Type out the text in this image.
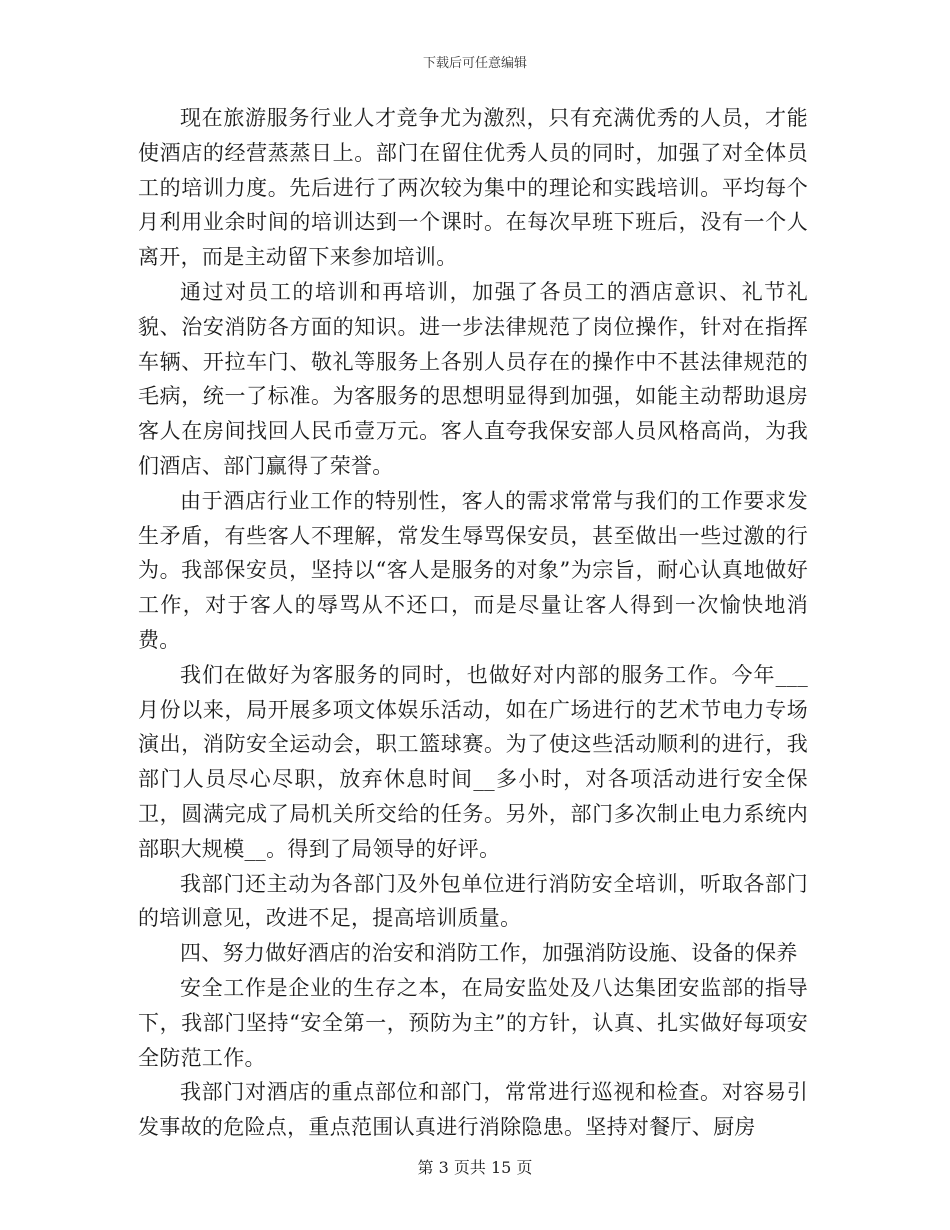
下载后可任意编辑

现在旅游服务行业人才竞争尤为激烈，只有充满优秀的人员，才能使酒店的经营蒸蒸日上。部门在留住优秀人员的同时，加强了对全体员工的培训力度。先后进行了两次较为集中的理论和实践培训。平均每个月利用业余时间的培训达到一个课时。在每次早班下班后，没有一个人离开，而是主动留下来参加培训。

通过对员工的培训和再培训，加强了各员工的酒店意识、礼节礼貌、治安消防各方面的知识。进一步法律规范了岗位操作，针对在指挥车辆、开拉车门、敬礼等服务上各别人员存在的操作中不甚法律规范的毛病，统一了标准。为客服务的思想明显得到加强，如能主动帮助退房客人在房间找回人民币壹万元。客人直夸我保安部人员风格高尚，为我们酒店、部门赢得了荣誉。

由于酒店行业工作的特别性，客人的需求常常与我们的工作要求发生矛盾，有些客人不理解，常发生辱骂保安员，甚至做出一些过激的行为。我部保安员，坚持以“客人是服务的对象”为宗旨，耐心认真地做好工作，对于客人的辱骂从不还口，而是尽量让客人得到一次愉快地消费。

我们在做好为客服务的同时，也做好对内部的服务工作。今年___月份以来，局开展多项文体娱乐活动，如在广场进行的艺术节电力专场演出，消防安全运动会，职工篮球赛。为了使这些活动顺利的进行，我部门人员尽心尽职，放弃休息时间__多小时，对各项活动进行安全保卫，圆满完成了局机关所交给的任务。另外，部门多次制止电力系统内部职大规模__。得到了局领导的好评。

我部门还主动为各部门及外包单位进行消防安全培训，听取各部门的培训意见，改进不足，提高培训质量。

四、努力做好酒店的治安和消防工作，加强消防设施、设备的保养

安全工作是企业的生存之本，在局安监处及八达集团安监部的指导下，我部门坚持“安全第一，预防为主”的方针，认真、扎实做好每项安全防范工作。

我部门对酒店的重点部位和部门，常常进行巡视和检查。对容易引发事故的危险点，重点范围认真进行消除隐患。坚持对餐厅、厨房

第 3 页共 15 页
